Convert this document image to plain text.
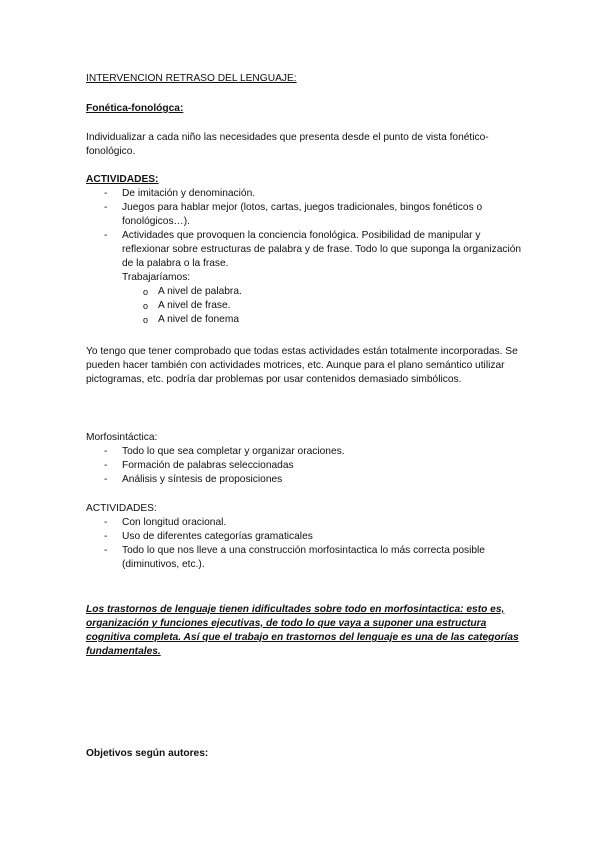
INTERVENCION RETRASO DEL LENGUAJE:

Fonética-fonológca:

Individualizar a cada niño las necesidades que presenta desde el punto de vista fonético-fonológico.

ACTIVIDADES:

- De imitación y denominación.
- Juegos para hablar mejor (lotos, cartas, juegos tradicionales, bingos fonéticos o fonológicos…).
- Actividades que provoquen la conciencia fonológica. Posibilidad de manipular y reflexionar sobre estructuras de palabra y de frase. Todo lo que suponga la organización de la palabra o la frase.
Trabajaríamos:
o A nivel de palabra.
o A nivel de frase.
o A nivel de fonema

Yo tengo que tener comprobado que todas estas actividades están totalmente incorporadas. Se pueden hacer también con actividades motrices, etc. Aunque para el plano semántico utilizar pictogramas, etc. podría dar problemas por usar contenidos demasiado simbólicos.

Morfosintáctica:

- Todo lo que sea completar y organizar oraciones.
- Formación de palabras seleccionadas
- Análisis y síntesis de proposiciones

ACTIVIDADES:

- Con longitud oracional.
- Uso de diferentes categorías gramaticales
- Todo lo que nos lleve a una construcción morfosintactica lo más correcta posible (diminutivos, etc.).

Los trastornos de lenguaje tienen idificultades sobre todo en morfosintactica: esto es, organización y funciones ejecutivas, de todo lo que vaya a suponer una estructura cognitiva completa. Así que el trabajo en trastornos del lenguaje es una de las categorías fundamentales.

Objetivos según autores:
